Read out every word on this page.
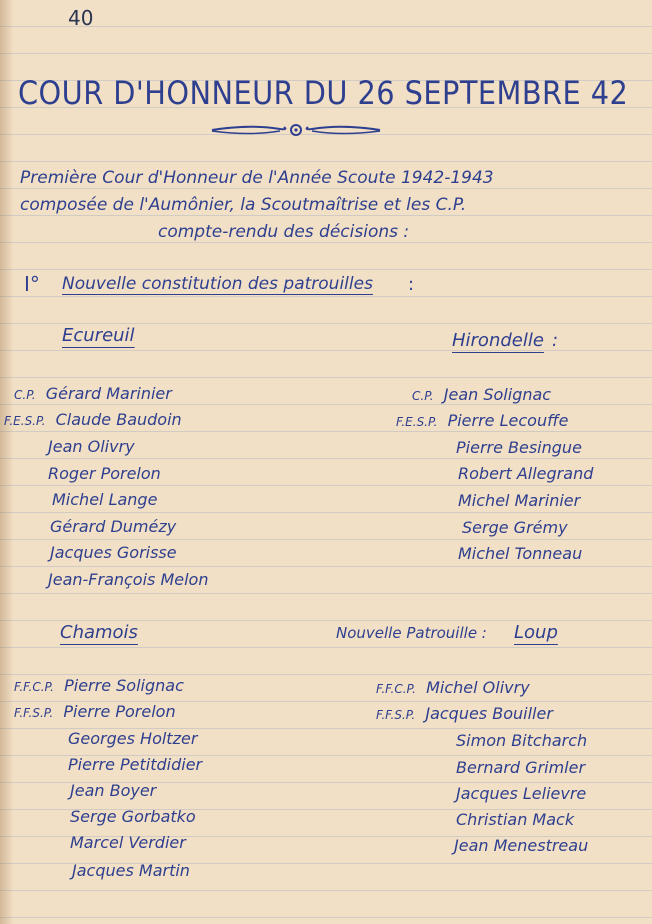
40
COUR D'HONNEUR DU 26 SEPTEMBRE 42
Première Cour d'Honneur de l'Année Scoute 1942-1943
composée de l'Aumônier, la Scoutmaîtrise et les C.P.
compte-rendu des décisions :
I° Nouvelle constitution des patrouilles :
Ecureuil
C.P. Gérard Marinier
F.E.S.P. Claude Baudoin
Jean Olivry
Roger Porelon
Michel Lange
Gérard Dumézy
Jacques Gorisse
Jean-François Melon
Hirondelle :
C.P. Jean Solignac
F.E.S.P. Pierre Lecouffe
Pierre Besingue
Robert Allegrand
Michel Marinier
Serge Grémy
Michel Tonneau
Chamois
F.F.C.P. Pierre Solignac
F.F.S.P. Pierre Porelon
Georges Holtzer
Pierre Petitdidier
Jean Boyer
Serge Gorbatko
Marcel Verdier
Jacques Martin
Nouvelle Patrouille : Loup
F.F.C.P. Michel Olivry
F.F.S.P. Jacques Bouiller
Simon Bitcharch
Bernard Grimler
Jacques Lelievre
Christian Mack
Jean Menestreau
